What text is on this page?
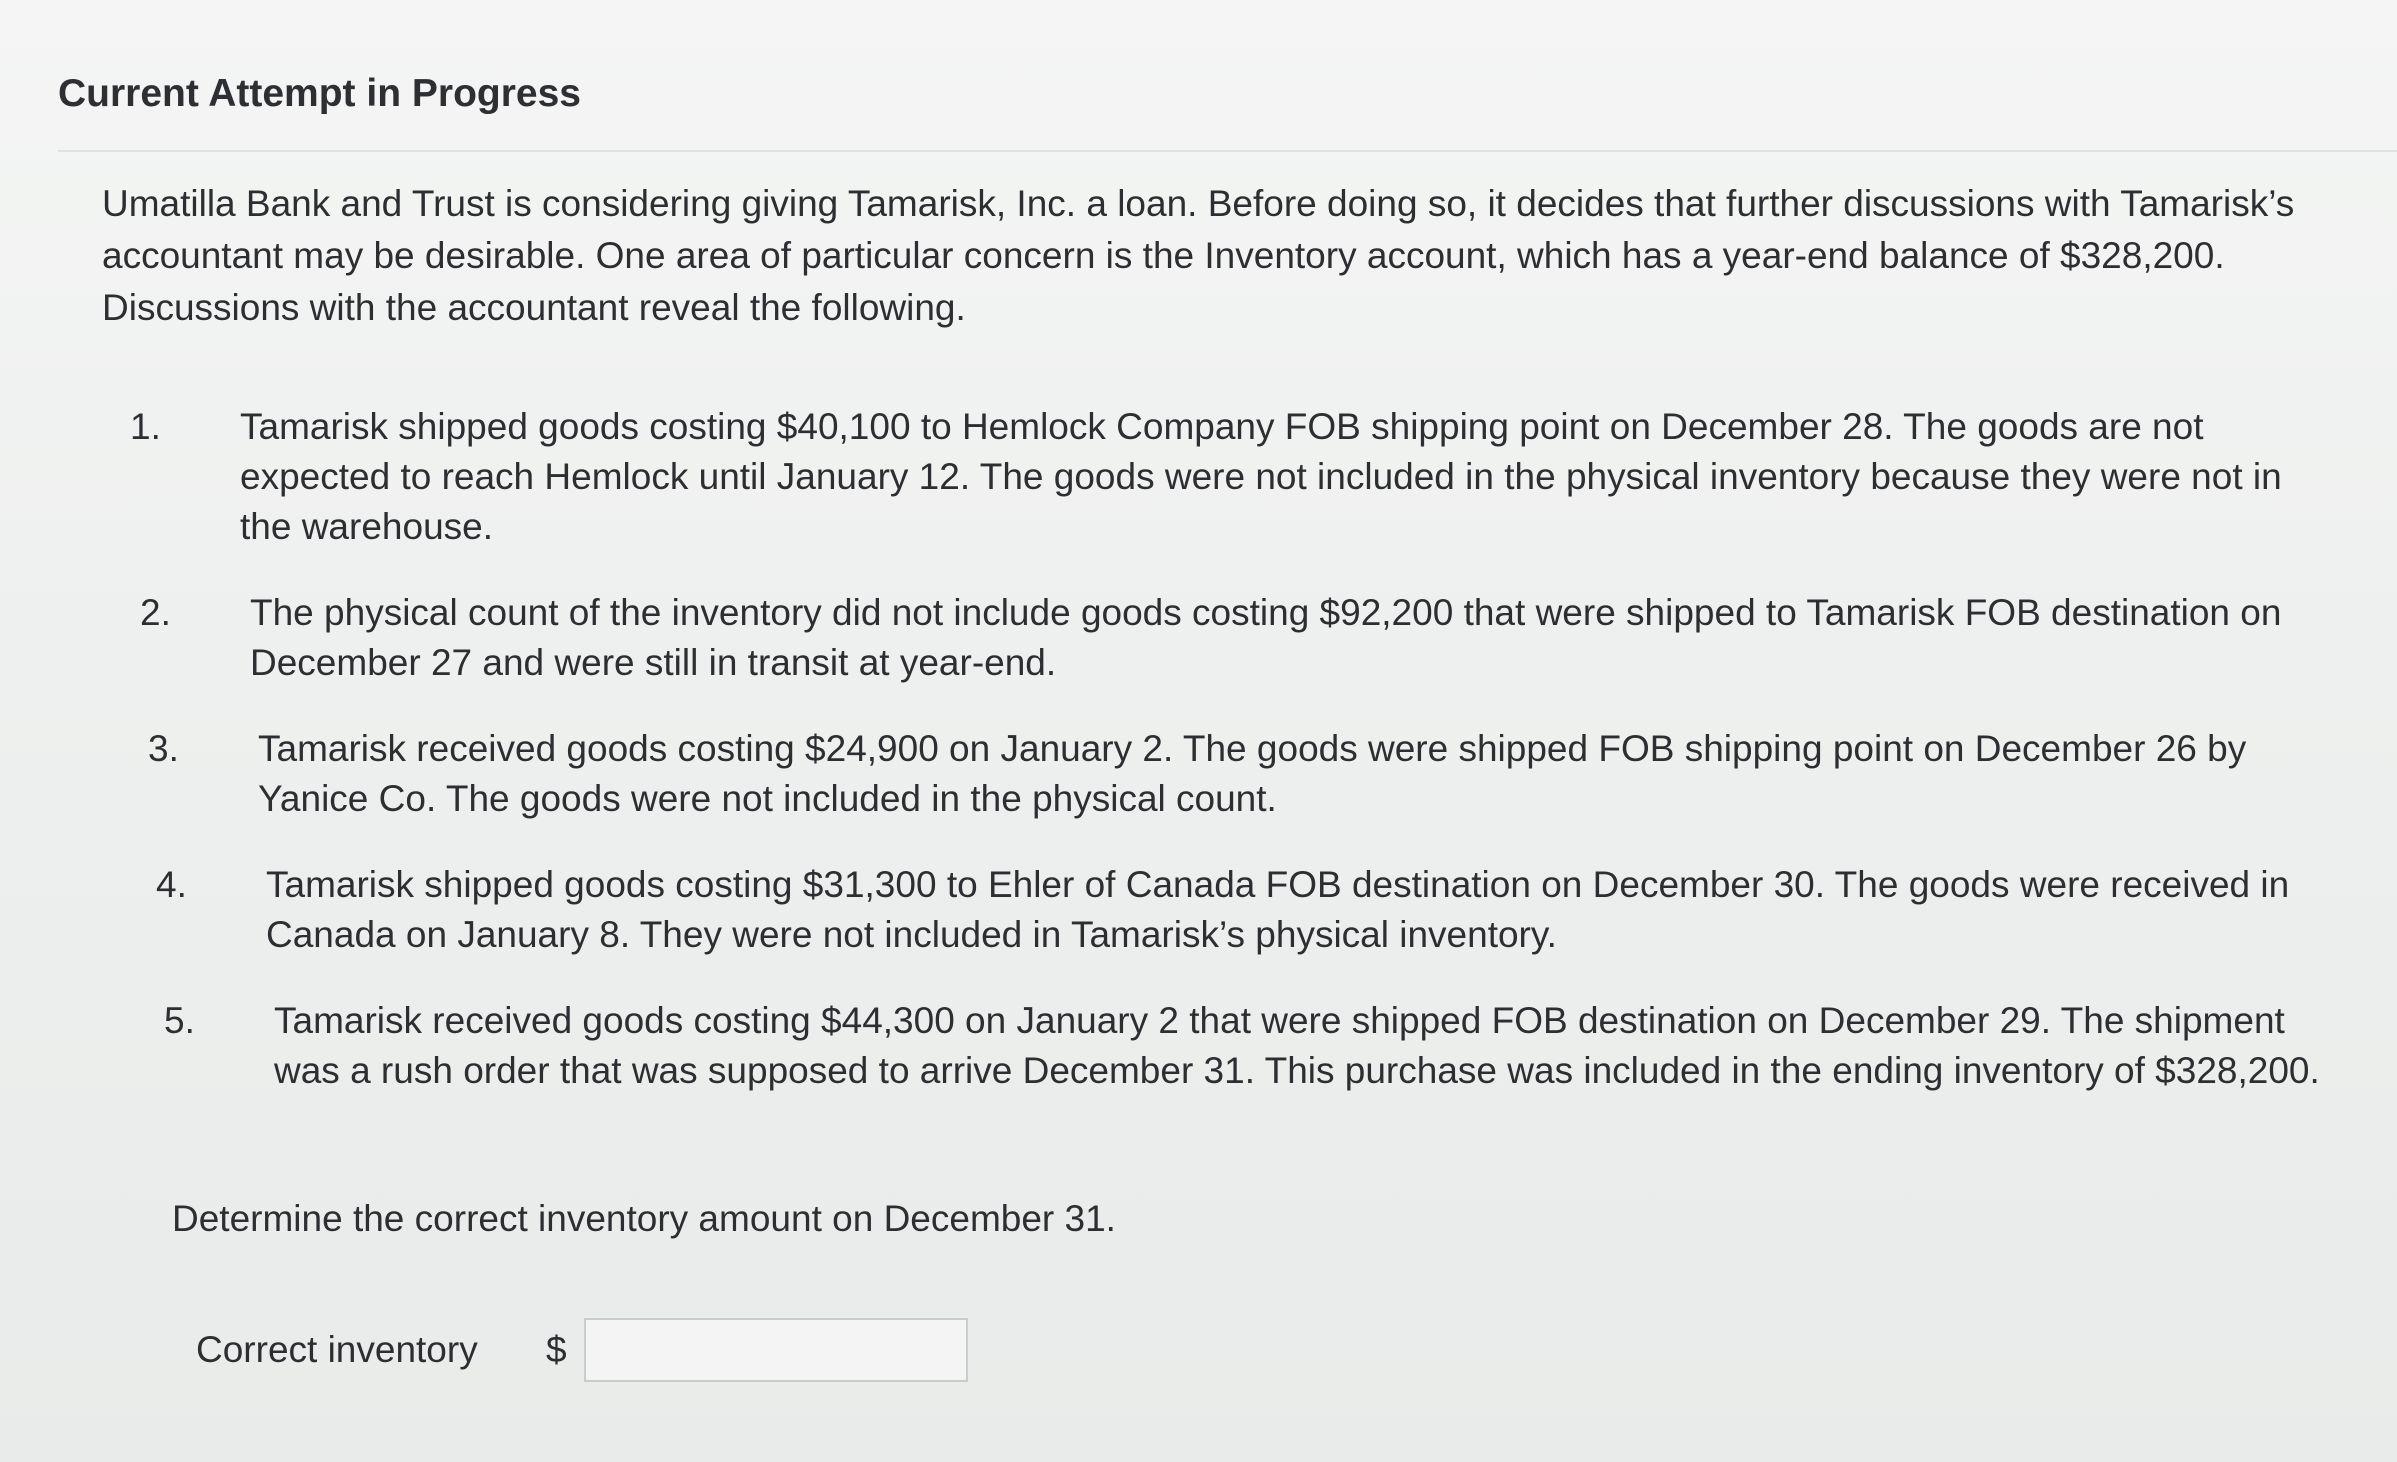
Current Attempt in Progress
Umatilla Bank and Trust is considering giving Tamarisk, Inc. a loan. Before doing so, it decides that further discussions with Tamarisk’s accountant may be desirable. One area of particular concern is the Inventory account, which has a year-end balance of $328,200. Discussions with the accountant reveal the following.
1.	Tamarisk shipped goods costing $40,100 to Hemlock Company FOB shipping point on December 28. The goods are not expected to reach Hemlock until January 12. The goods were not included in the physical inventory because they were not in the warehouse.
2.	The physical count of the inventory did not include goods costing $92,200 that were shipped to Tamarisk FOB destination on December 27 and were still in transit at year-end.
3.	Tamarisk received goods costing $24,900 on January 2. The goods were shipped FOB shipping point on December 26 by Yanice Co. The goods were not included in the physical count.
4.	Tamarisk shipped goods costing $31,300 to Ehler of Canada FOB destination on December 30. The goods were received in Canada on January 8. They were not included in Tamarisk’s physical inventory.
5.	Tamarisk received goods costing $44,300 on January 2 that were shipped FOB destination on December 29. The shipment was a rush order that was supposed to arrive December 31. This purchase was included in the ending inventory of $328,200.
Determine the correct inventory amount on December 31.
Correct inventory	$
